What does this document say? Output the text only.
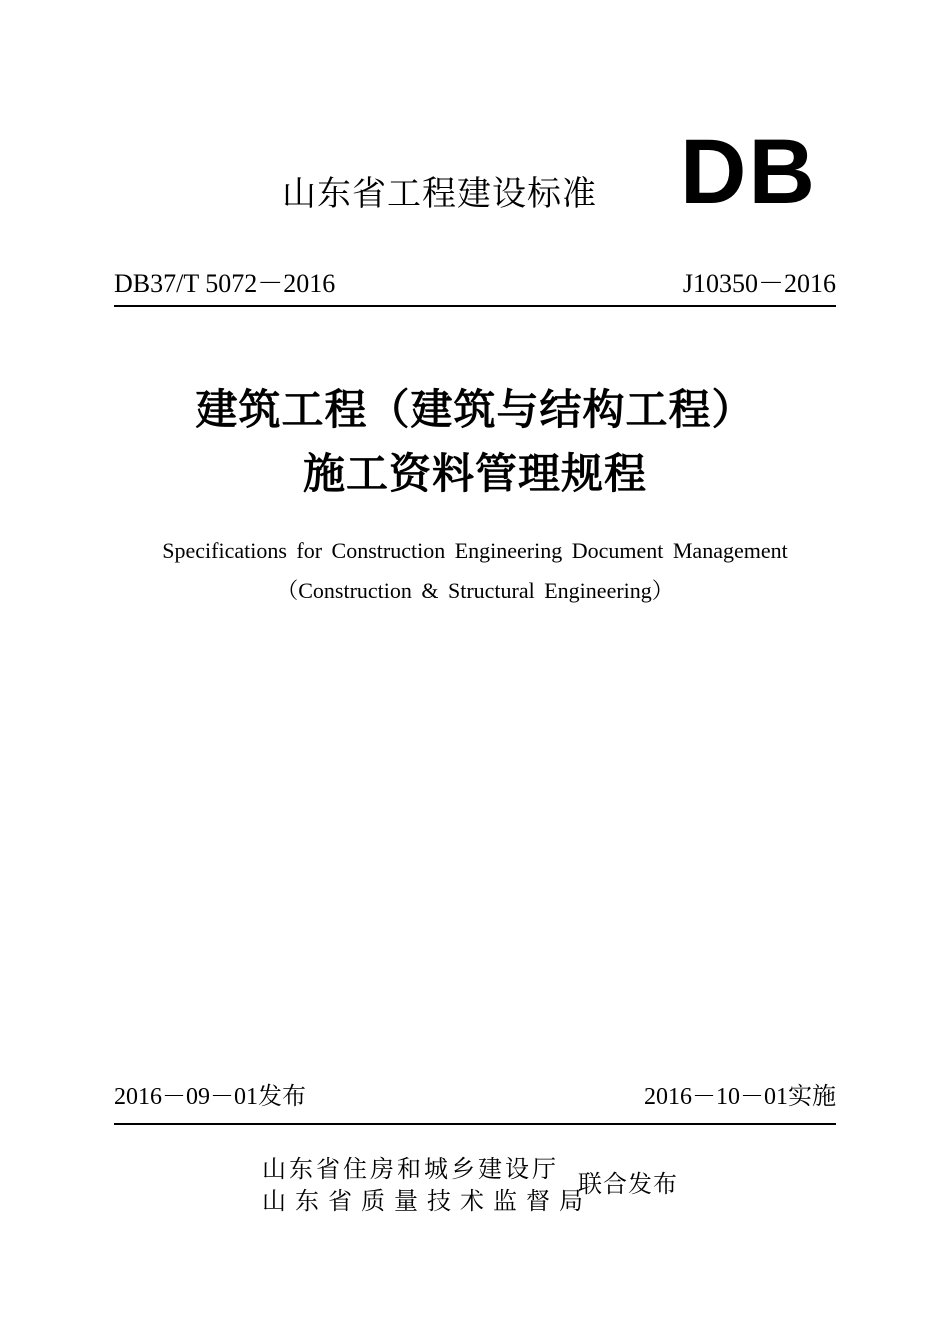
山东省工程建设标准 DB
DB37/T 5072－2016	J10350－2016
建筑工程（建筑与结构工程）
施工资料管理规程
Specifications for Construction Engineering Document Management
（Construction & Structural Engineering）
2016－09－01发布	2016－10－01实施
山东省住房和城乡建设厅
山东省质量技术监督局
联合发布
